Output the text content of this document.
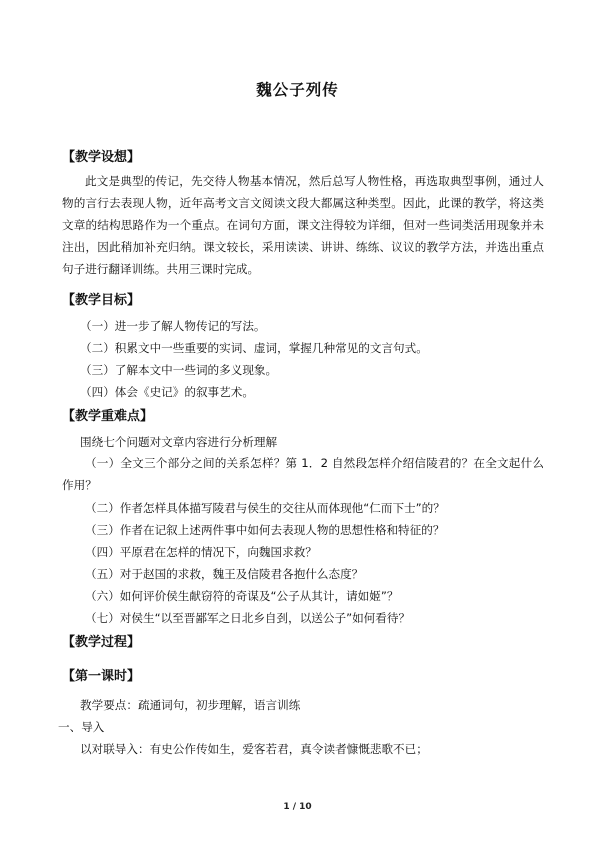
魏公子列传
【教学设想】

此文是典型的传记，先交待人物基本情况，然后总写人物性格，再选取典型事例，通过人物的言行去表现人物，近年高考文言文阅读文段大都属这种类型。因此，此课的教学，将这类文章的结构思路作为一个重点。在词句方面，课文注得较为详细，但对一些词类活用现象并未注出，因此稍加补充归纳。课文较长，采用读读、讲讲、练练、议议的教学方法，并选出重点句子进行翻译训练。共用三课时完成。

【教学目标】
（一）进一步了解人物传记的写法。
（二）积累文中一些重要的实词、虚词，掌握几种常见的文言句式。
（三）了解本文中一些词的多义现象。
（四）体会《史记》的叙事艺术。
【教学重难点】
围绕七个问题对文章内容进行分析理解

（一）全文三个部分之间的关系怎样？第 1．2 自然段怎样介绍信陵君的？在全文起什么作用？

（二）作者怎样具体描写陵君与侯生的交往从而体现他“仁而下士”的？
（三）作者在记叙上述两件事中如何去表现人物的思想性格和特征的？
（四）平原君在怎样的情况下，向魏国求救？
（五）对于赵国的求救，魏王及信陵君各抱什么态度？
（六）如何评价侯生献窃符的奇谋及“公子从其计，请如姬”？
（七）对侯生“以至晋鄙军之日北乡自刭，以送公子”如何看待？
【教学过程】
【第一课时】
教学要点：疏通词句，初步理解，语言训练
一、导入
以对联导入：有史公作传如生，爱客若君，真令读者慷慨悲歌不已；
1 / 10
